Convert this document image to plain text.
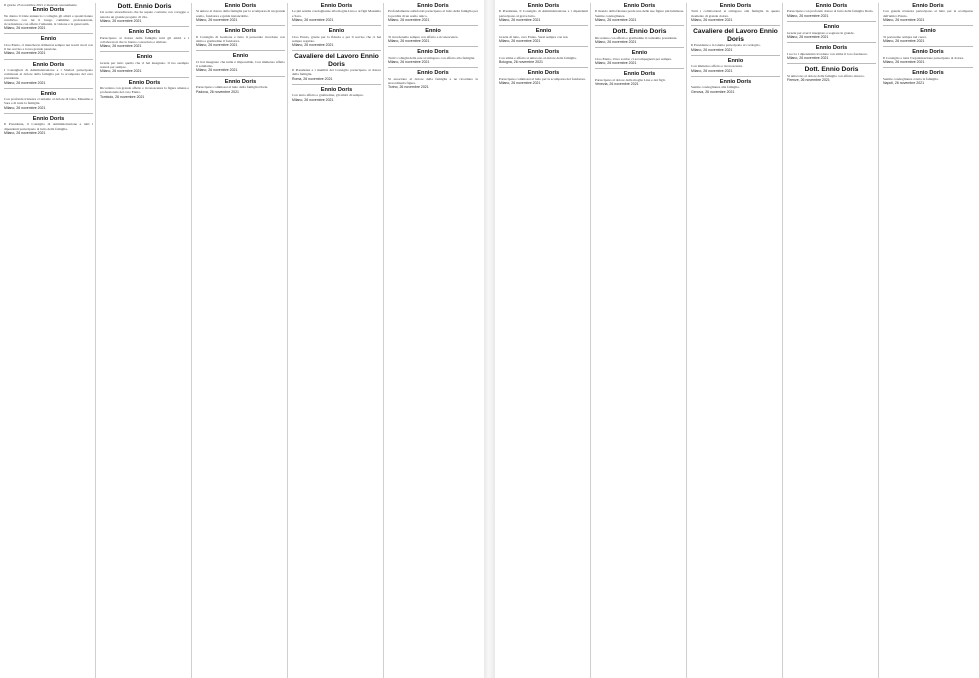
Il giorno 25 novembre 2021 è mancato serenamente
Ennio Doris
Ne danno il triste annuncio i colleghi, gli amici e quanti hanno condiviso con lui il lungo cammino professionale, ricordandone con affetto l'umanità, la visione e la generosità.
Milano, 26 novembre 2021
Ennio
Ciao Ennio, ci mancherai. Rimarrai sempre nei nostri cuori con il tuo sorriso e la tua grande passione.
Milano, 26 novembre 2021
Ennio Doris
I Consiglieri di Amministrazione e i Sindaci partecipano commossi al dolore della famiglia per la scomparsa del caro presidente.
Milano, 26 novembre 2021
Ennio
Con profonda tristezza ci uniamo al dolore di Lina, Massimo e Sara e di tutta la famiglia.
Milano, 26 novembre 2021
Ennio Doris
Il Presidente, il Consiglio di Amministrazione e tutti i dipendenti partecipano al lutto della famiglia.
Milano, 26 novembre 2021
Dott. Ennio Doris
Un uomo straordinario che ha saputo costruire con coraggio e tenacia un grande progetto di vita.
Milano, 26 novembre 2021
Ennio Doris
Partecipano al dolore della famiglia tutti gli amici e i collaboratori che lo hanno conosciuto e stimato.
Milano, 26 novembre 2021
Ennio
Grazie per tutto quello che ci hai insegnato. Il tuo esempio resterà per sempre.
Milano, 26 novembre 2021
Ennio Doris
Ricordano con grande affetto e riconoscenza la figura umana e professionale del caro Ennio.
Tombolo, 26 novembre 2021
Ennio Doris
Si unisce al dolore della famiglia per la scomparsa di un grande uomo, fondatore e guida instancabile.
Milano, 26 novembre 2021
Ennio Doris
Il Consiglio di Gestione e tutto il personale ricordano con stima e gratitudine il fondatore.
Milano, 26 novembre 2021
Ennio
Ci hai insegnato che nulla è impossibile. Con immenso affetto ti salutiamo.
Milano, 26 novembre 2021
Ennio Doris
Partecipano commossi al lutto della famiglia Doris.
Padova, 26 novembre 2021
Ennio Doris
Le più sentite condoglianze alla moglie Lina e ai figli Massimo e Sara.
Milano, 26 novembre 2021
Ennio
Ciao Ennio, grazie per la fiducia e per il sorriso che ci hai sempre regalato.
Milano, 26 novembre 2021
Cavaliere del Lavoro Ennio Doris
Il Presidente e i membri del Consiglio partecipano al dolore della famiglia.
Roma, 26 novembre 2021
Ennio Doris
Con tanto affetto e gratitudine, gli amici di sempre.
Milano, 26 novembre 2021
Ennio Doris
Profondamente addolorati partecipano al lutto della famiglia per la perdita di un uomo unico.
Milano, 26 novembre 2021
Ennio
Ti ricorderemo sempre con affetto e riconoscenza.
Milano, 26 novembre 2021
Ennio Doris
Tutti i colleghi della rete si stringono con affetto alla famiglia.
Milano, 26 novembre 2021
Ennio Doris
Si associano al dolore della famiglia e ne ricordano la straordinaria figura.
Torino, 26 novembre 2021
Ennio Doris
Il Presidente, il Consiglio di Amministrazione e i dipendenti partecipano al grave lutto.
Milano, 26 novembre 2021
Ennio
Grazie di tutto, caro Ennio. Sarai sempre con noi.
Milano, 26 novembre 2021
Ennio Doris
Con stima e affetto si uniscono al dolore della famiglia.
Bologna, 26 novembre 2021
Ennio Doris
Partecipano commossi al lutto per la scomparsa del fondatore.
Milano, 26 novembre 2021
Ennio Doris
Il mondo della finanza perde una delle sue figure più luminose. Sentite condoglianze.
Milano, 26 novembre 2021
Dott. Ennio Doris
Ricordano con affetto e gratitudine il carissimo presidente.
Milano, 26 novembre 2021
Ennio
Ciao Ennio, il tuo sorriso ci accompagnerà per sempre.
Milano, 26 novembre 2021
Ennio Doris
Partecipano al dolore della moglie Lina e dei figli.
Venezia, 26 novembre 2021
Ennio Doris
Tutti i collaboratori si stringono alla famiglia in questo momento di grande dolore.
Milano, 26 novembre 2021
Cavaliere del Lavoro Ennio Doris
Il Presidente e la Giunta partecipano al cordoglio.
Milano, 26 novembre 2021
Ennio
Con immenso affetto e riconoscenza.
Milano, 26 novembre 2021
Ennio Doris
Sentite condoglianze alla famiglia.
Genova, 26 novembre 2021
Ennio Doris
Partecipano con profondo dolore al lutto della famiglia Doris.
Milano, 26 novembre 2021
Ennio
Grazie per averci insegnato a sognare in grande.
Milano, 26 novembre 2021
Ennio Doris
I soci e i dipendenti ricordano con stima il loro fondatore.
Milano, 26 novembre 2021
Dott. Ennio Doris
Si uniscono al dolore della famiglia con affetto sincero.
Firenze, 26 novembre 2021
Ennio Doris
Con grande tristezza partecipano al lutto per la scomparsa dell'amico Ennio.
Milano, 26 novembre 2021
Ennio
Ti porteremo sempre nel cuore.
Milano, 26 novembre 2021
Ennio Doris
Il Consiglio e tutta l'organizzazione partecipano al dolore.
Milano, 26 novembre 2021
Ennio Doris
Sentite condoglianze a tutta la famiglia.
Napoli, 26 novembre 2021
